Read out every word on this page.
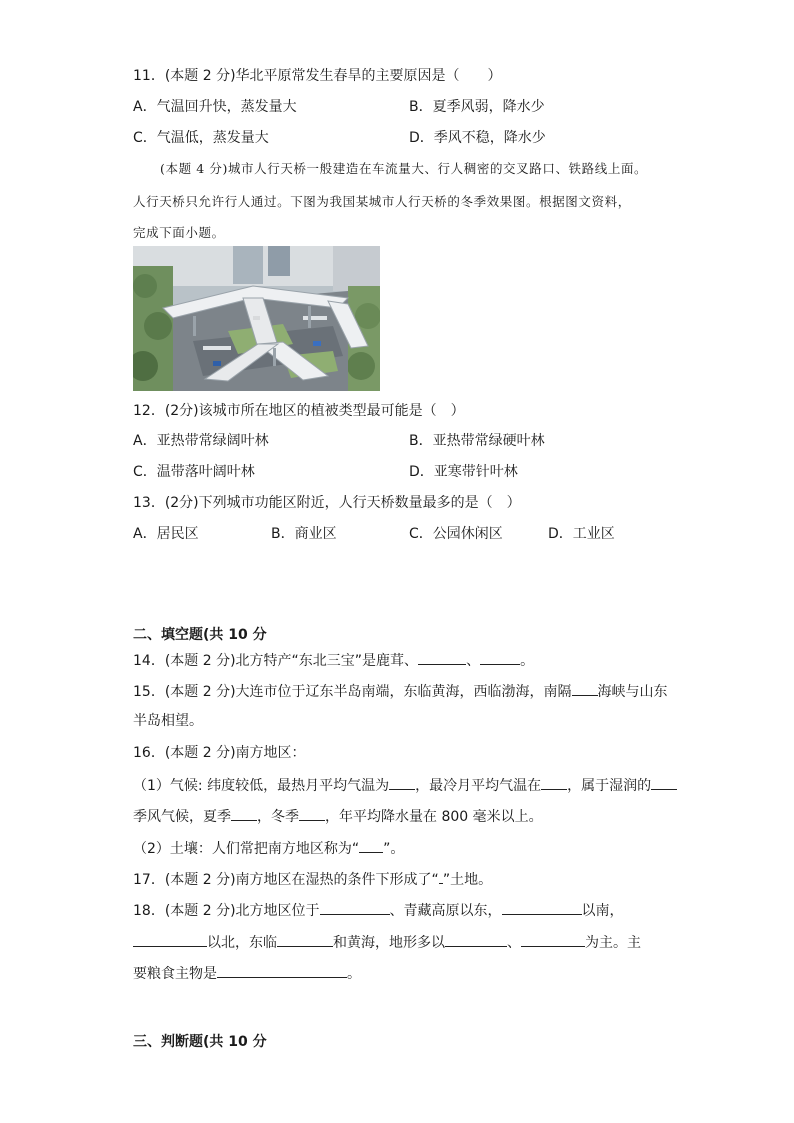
11．(本题 2 分)华北平原常发生春旱的主要原因是（　　）
A．气温回升快，蒸发量大	B．夏季风弱，降水少
C．气温低，蒸发量大	D．季风不稳，降水少
(本题 4 分)城市人行天桥一般建造在车流量大、行人稠密的交叉路口、铁路线上面。
人行天桥只允许行人通过。下图为我国某城市人行天桥的冬季效果图。根据图文资料，
完成下面小题。
12．(2分)该城市所在地区的植被类型最可能是（　）
A．亚热带常绿阔叶林	B．亚热带常绿硬叶林
C．温带落叶阔叶林	D．亚寒带针叶林
13．(2分)下列城市功能区附近，人行天桥数量最多的是（　）
A．居民区	B．商业区	C．公园休闲区	D．工业区
二、填空题(共 10 分
14．(本题 2 分)北方特产“东北三宝”是鹿茸、	、	。
15．(本题 2 分)大连市位于辽东半岛南端，东临黄海，西临渤海，南隔 海峡与山东
半岛相望。
16．(本题 2 分)南方地区：
（1）气候: 纬度较低，最热月平均气温为 ，最冷月平均气温在 ，属于湿润的
季风气候，夏季 ，冬季 ，年平均降水量在 800 毫米以上。
（2）土壤：人们常把南方地区称为“ ”。
17．(本题 2 分)南方地区在湿热的条件下形成了“ ”土地。
18．(本题 2 分)北方地区位于	、青藏高原以东，	以南，
以北，东临	和黄海，地形多以	、	为主。主
要粮食主物是	。
三、判断题(共 10 分
